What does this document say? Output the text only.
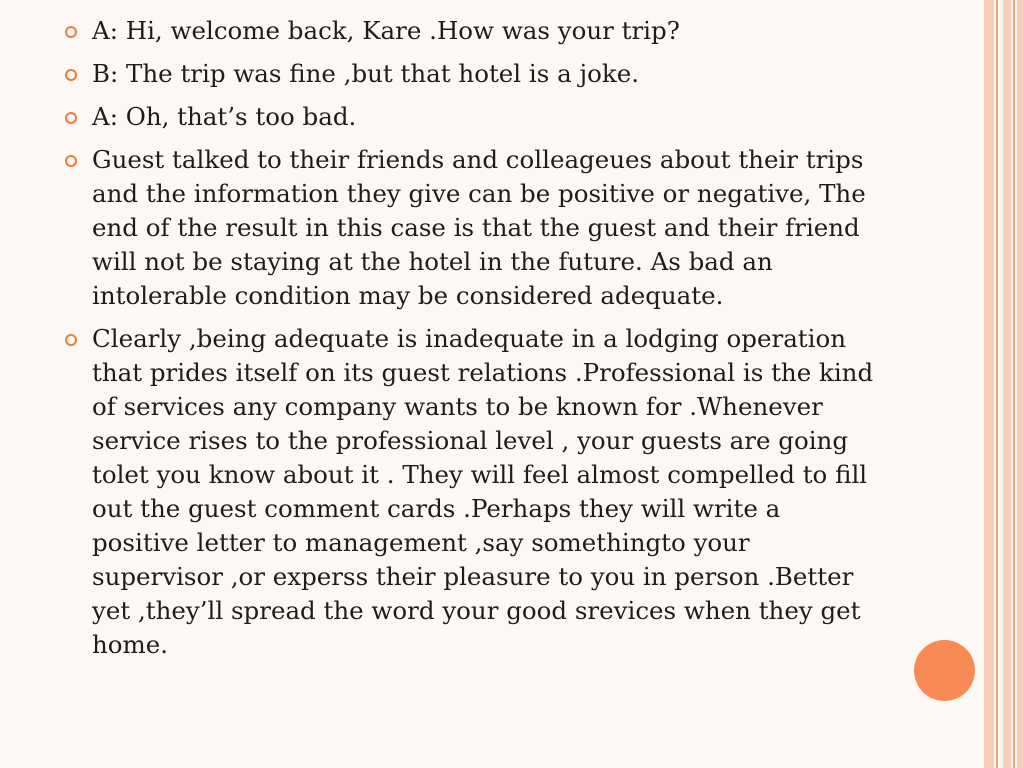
A: Hi, welcome back, Kare .How was your trip?
B: The trip was fine ,but that hotel is a joke.
A: Oh, that’s too bad.
Guest talked to their friends and colleageues about their trips and the information they give can be positive or negative, The end of the result in this case is that the guest and their friend will not be staying at the hotel in the future. As bad an intolerable condition may be considered adequate.
Clearly ,being adequate is inadequate in a lodging operation that prides itself on its guest relations .Professional is the kind of services any company wants to be known for .Whenever service rises to the professional level , your guests are going tolet you know about it . They will feel almost compelled to fill out the guest comment cards .Perhaps they will write a positive letter to management ,say somethingto your supervisor ,or experss their pleasure to you in person .Better yet ,they’ll spread the word your good srevices when they get home.
